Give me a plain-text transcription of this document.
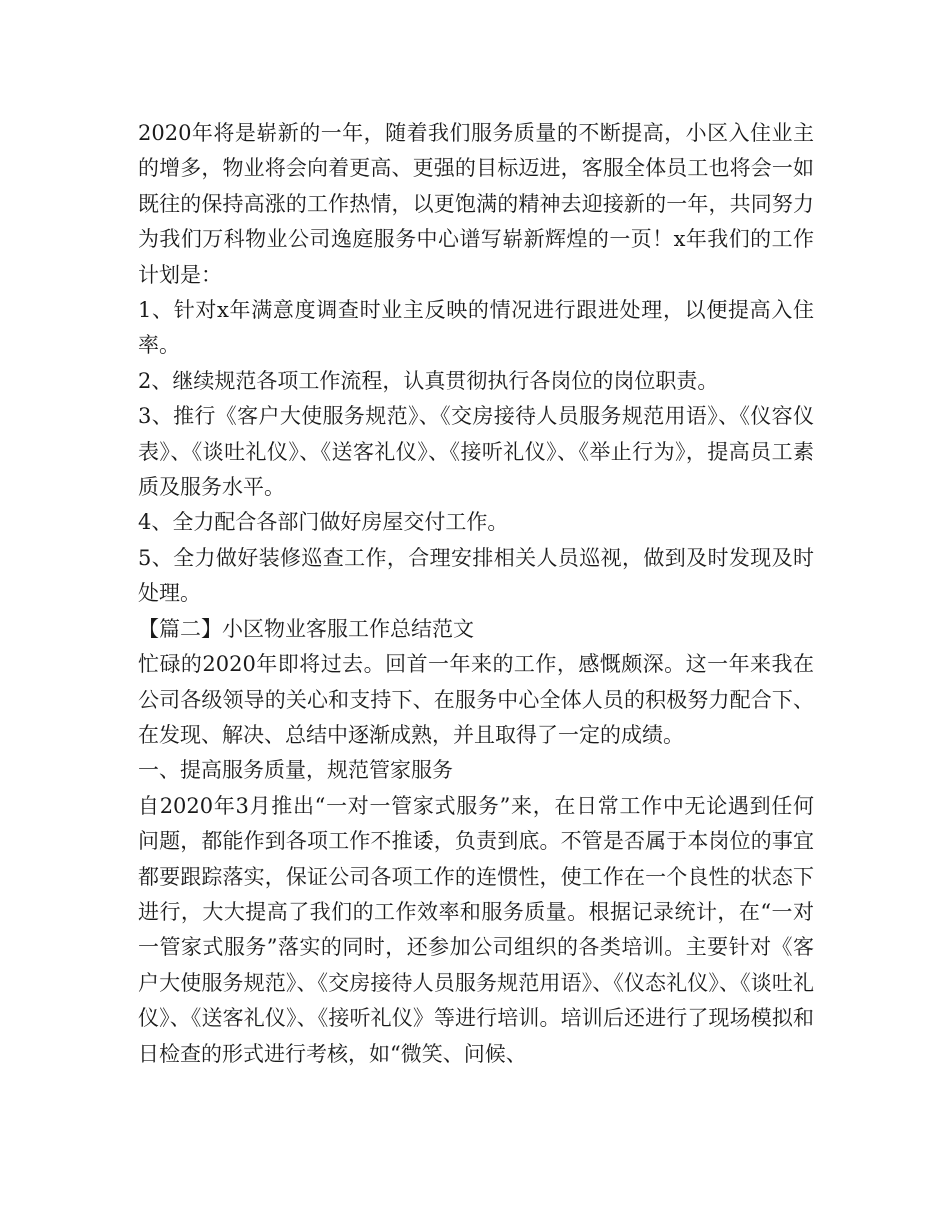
2020年将是崭新的一年，随着我们服务质量的不断提高，小区入住业主的增多，物业将会向着更高、更强的目标迈进，客服全体员工也将会一如既往的保持高涨的工作热情，以更饱满的精神去迎接新的一年，共同努力为我们万科物业公司逸庭服务中心谱写崭新辉煌的一页！x年我们的工作计划是：

1、针对x年满意度调查时业主反映的情况进行跟进处理，以便提高入住率。

2、继续规范各项工作流程，认真贯彻执行各岗位的岗位职责。

3、推行《客户大使服务规范》、《交房接待人员服务规范用语》、《仪容仪表》、《谈吐礼仪》、《送客礼仪》、《接听礼仪》、《举止行为》，提高员工素质及服务水平。

4、全力配合各部门做好房屋交付工作。

5、全力做好装修巡查工作，合理安排相关人员巡视，做到及时发现及时处理。

【篇二】小区物业客服工作总结范文

忙碌的2020年即将过去。回首一年来的工作，感慨颇深。这一年来我在公司各级领导的关心和支持下、在服务中心全体人员的积极努力配合下、在发现、解决、总结中逐渐成熟，并且取得了一定的成绩。

一、提高服务质量，规范管家服务

自2020年3月推出“一对一管家式服务”来，在日常工作中无论遇到任何问题，都能作到各项工作不推诿，负责到底。不管是否属于本岗位的事宜都要跟踪落实，保证公司各项工作的连惯性，使工作在一个良性的状态下进行，大大提高了我们的工作效率和服务质量。根据记录统计，在“一对一管家式服务”落实的同时，还参加公司组织的各类培训。主要针对《客户大使服务规范》、《交房接待人员服务规范用语》、《仪态礼仪》、《谈吐礼仪》、《送客礼仪》、《接听礼仪》等进行培训。培训后还进行了现场模拟和日检查的形式进行考核，如“微笑、问候、
